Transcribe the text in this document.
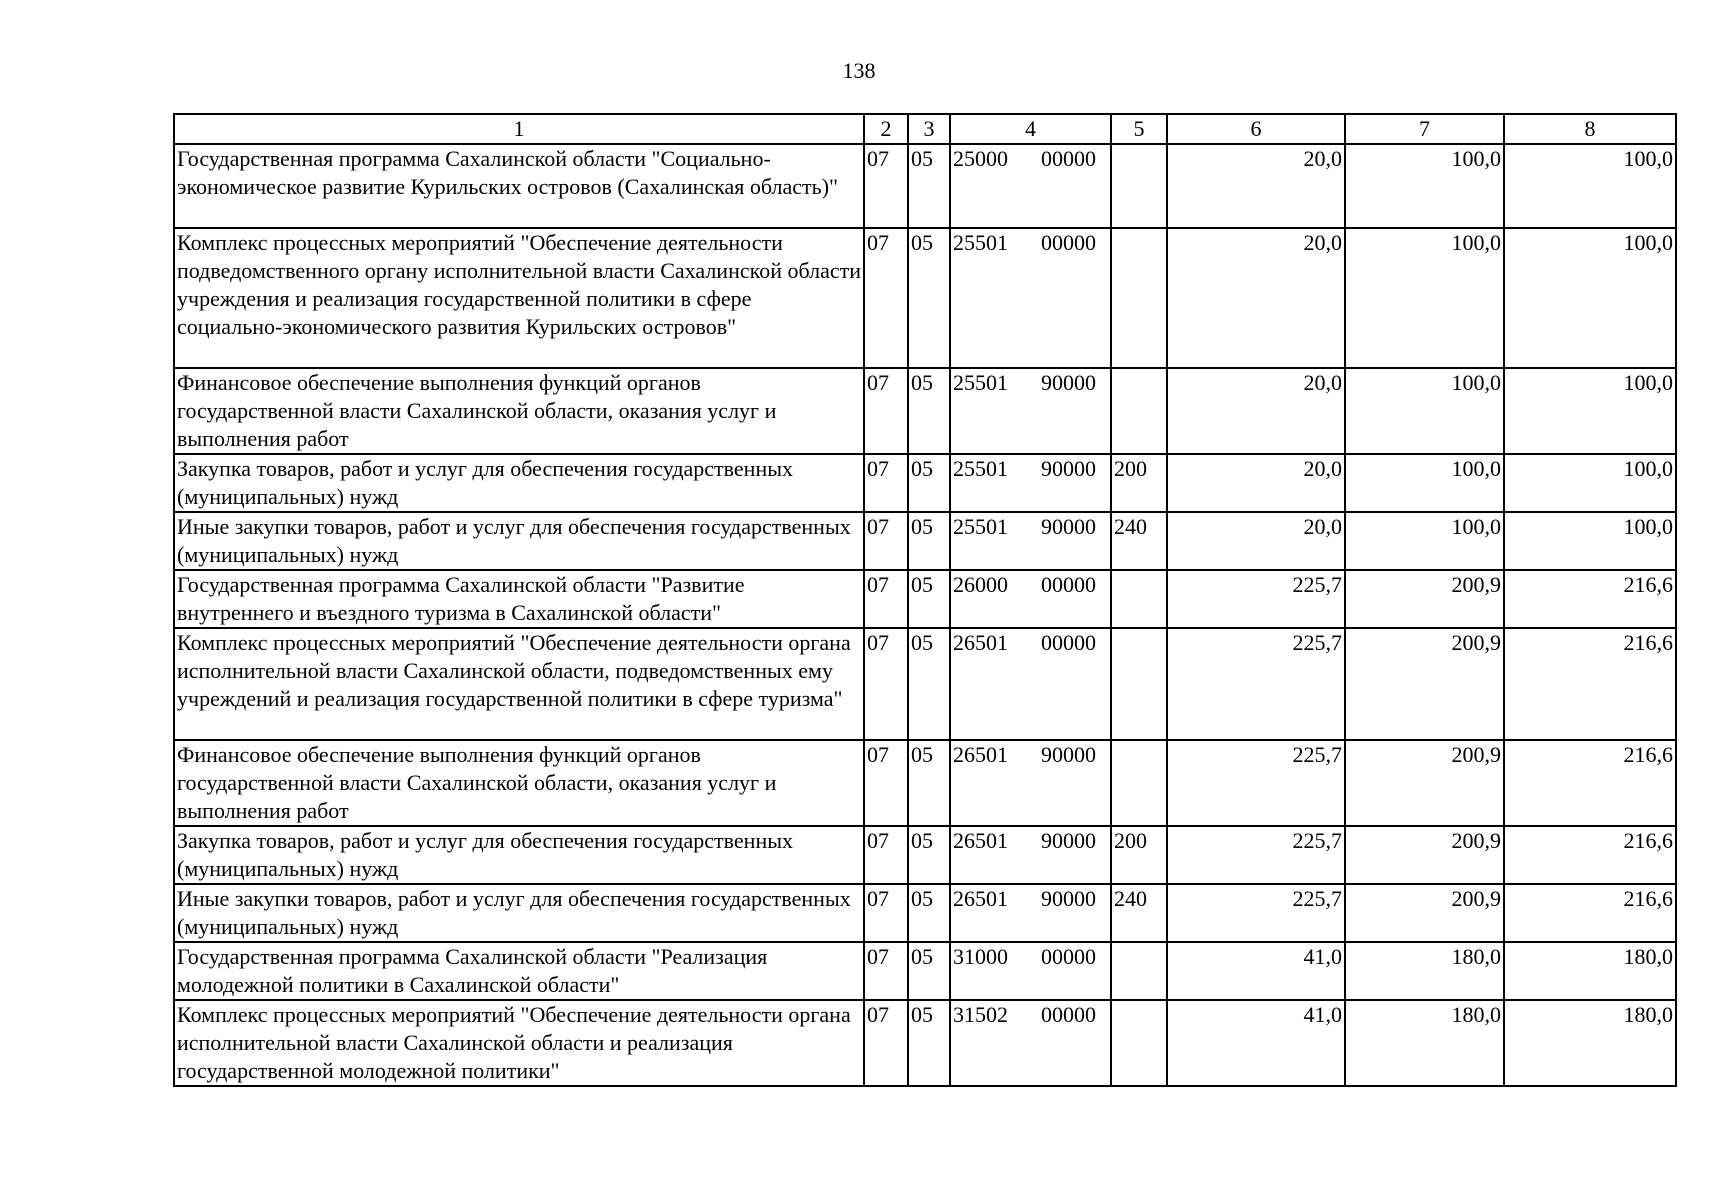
138
1	2	3	4	5	6	7	8
Государственная программа Сахалинской области "Социально-экономическое развитие Курильских островов (Сахалинская область)"	07	05	25000 00000		20,0	100,0	100,0
Комплекс процессных мероприятий "Обеспечение деятельности подведомственного органу исполнительной власти Сахалинской области учреждения и реализация государственной политики в сфере социально-экономического развития Курильских островов"	07	05	25501 00000		20,0	100,0	100,0
Финансовое обеспечение выполнения функций органов государственной власти Сахалинской области, оказания услуг и выполнения работ	07	05	25501 90000		20,0	100,0	100,0
Закупка товаров, работ и услуг для обеспечения государственных (муниципальных) нужд	07	05	25501 90000	200	20,0	100,0	100,0
Иные закупки товаров, работ и услуг для обеспечения государственных (муниципальных) нужд	07	05	25501 90000	240	20,0	100,0	100,0
Государственная программа Сахалинской области "Развитие внутреннего и въездного туризма в Сахалинской области"	07	05	26000 00000		225,7	200,9	216,6
Комплекс процессных мероприятий "Обеспечение деятельности органа исполнительной власти Сахалинской области, подведомственных ему учреждений и реализация государственной политики в сфере туризма"	07	05	26501 00000		225,7	200,9	216,6
Финансовое обеспечение выполнения функций органов государственной власти Сахалинской области, оказания услуг и выполнения работ	07	05	26501 90000		225,7	200,9	216,6
Закупка товаров, работ и услуг для обеспечения государственных (муниципальных) нужд	07	05	26501 90000	200	225,7	200,9	216,6
Иные закупки товаров, работ и услуг для обеспечения государственных (муниципальных) нужд	07	05	26501 90000	240	225,7	200,9	216,6
Государственная программа Сахалинской области "Реализация молодежной политики в Сахалинской области"	07	05	31000 00000		41,0	180,0	180,0
Комплекс процессных мероприятий "Обеспечение деятельности органа исполнительной власти Сахалинской области и реализация государственной молодежной политики"	07	05	31502 00000		41,0	180,0	180,0
